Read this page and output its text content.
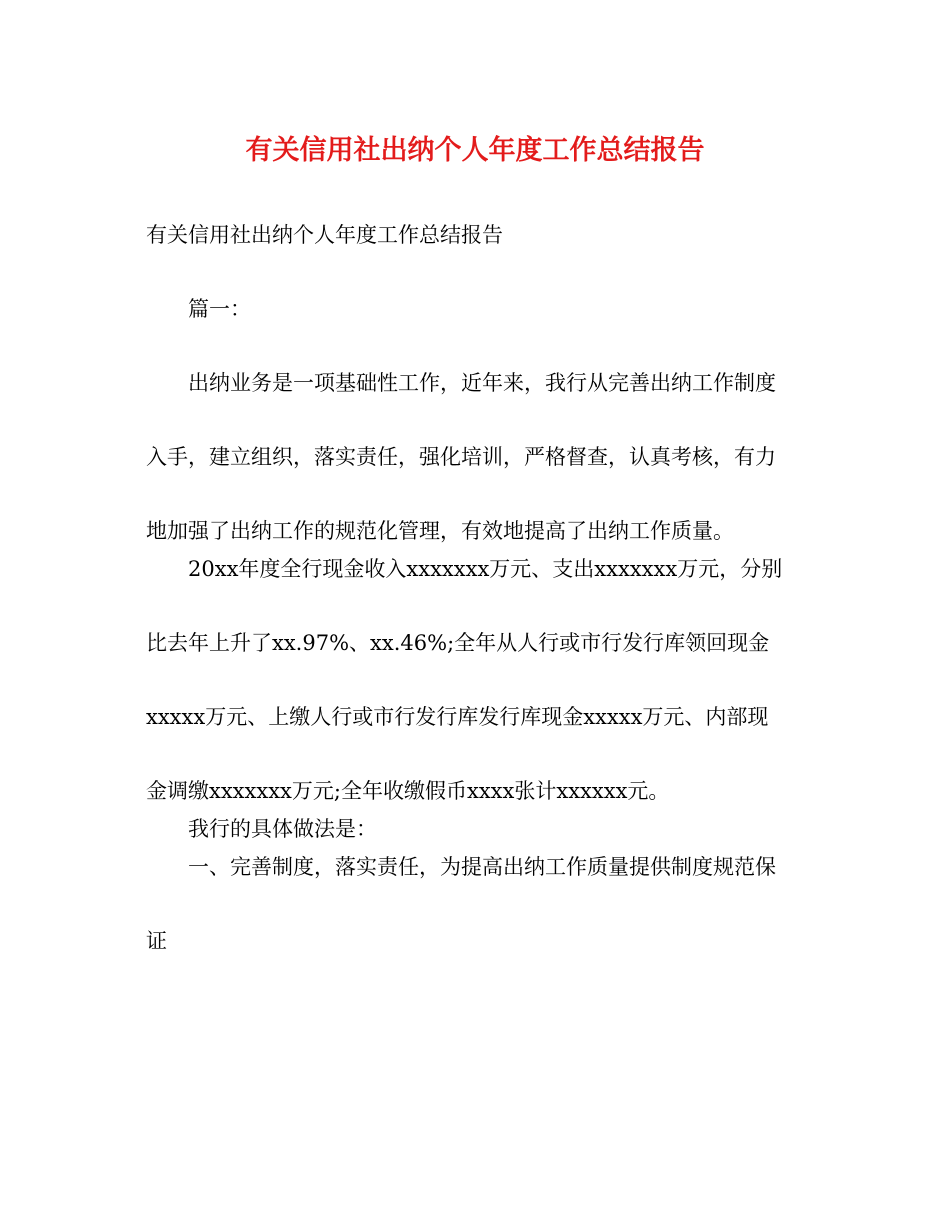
有关信用社出纳个人年度工作总结报告
有关信用社出纳个人年度工作总结报告
篇一：
出纳业务是一项基础性工作，近年来，我行从完善出纳工作制度
入手，建立组织，落实责任，强化培训，严格督查，认真考核，有力
地加强了出纳工作的规范化管理，有效地提高了出纳工作质量。
20xx年度全行现金收入xxxxxxx万元、支出xxxxxxx万元，分别
比去年上升了xx.97%、xx.46%;全年从人行或市行发行库领回现金
xxxxx万元、上缴人行或市行发行库发行库现金xxxxx万元、内部现
金调缴xxxxxxx万元;全年收缴假币xxxx张计xxxxxx元。
我行的具体做法是：
一、完善制度，落实责任，为提高出纳工作质量提供制度规范保
证
